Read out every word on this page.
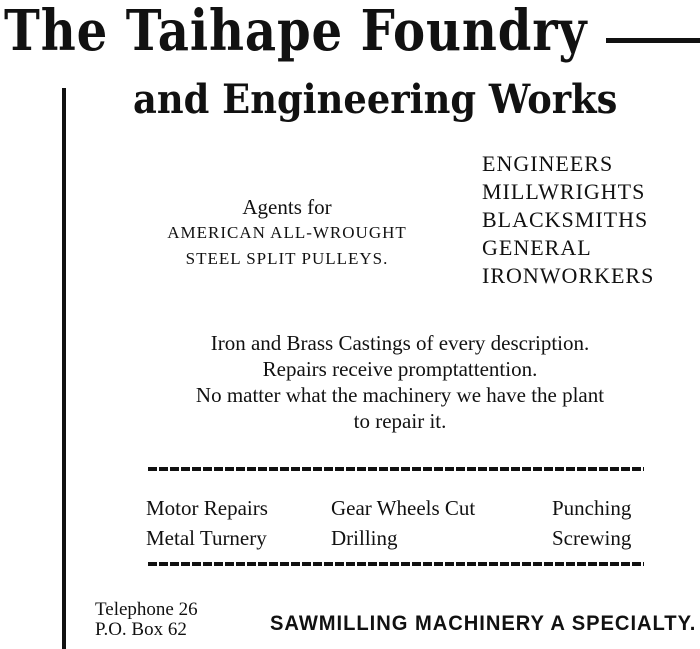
The Taihape Foundry
and Engineering Works
Agents for
AMERICAN ALL-WROUGHT
STEEL SPLIT PULLEYS.
ENGINEERS
MILLWRIGHTS
BLACKSMITHS
GENERAL
IRONWORKERS
Iron and Brass Castings of every description.
Repairs receive promptattention.
No matter what the machinery we have the plant
to repair it.
Motor Repairs
Metal Turnery
Gear Wheels Cut
Drilling
Punching
Screwing
Telephone 26
P.O. Box 62	SAWMILLING MACHINERY A SPECIALTY.
